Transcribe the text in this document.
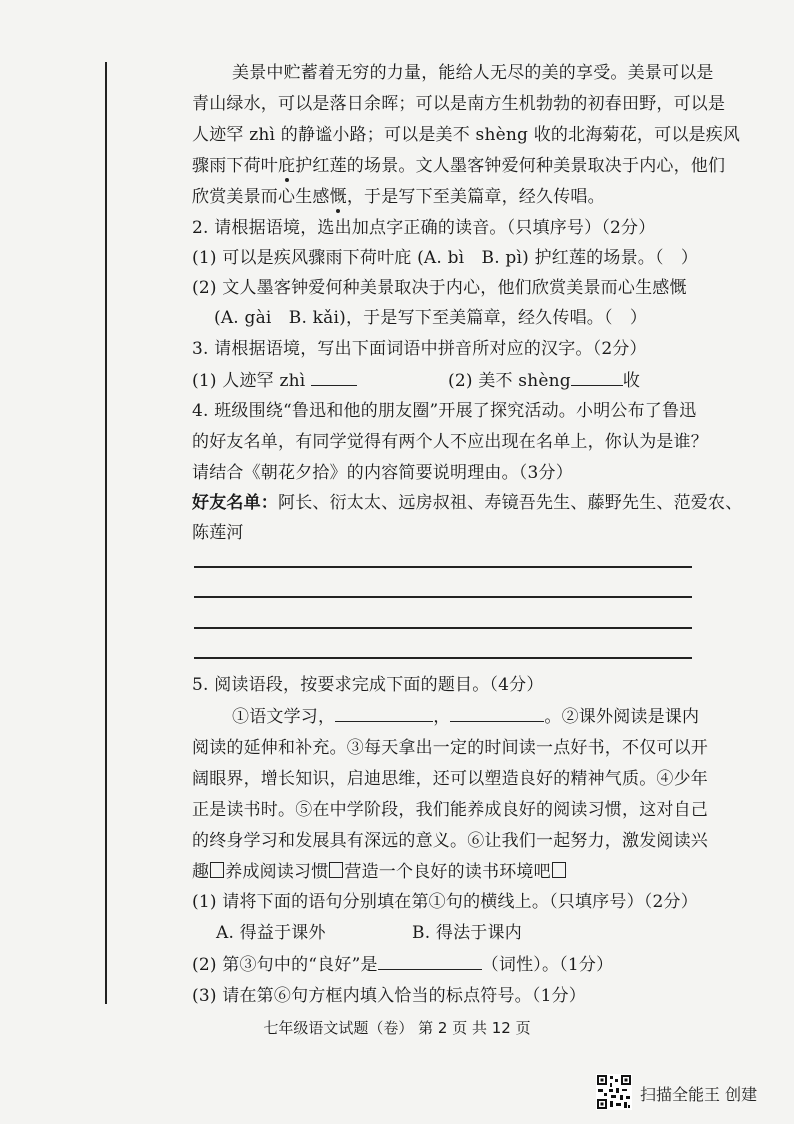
美景中贮蓄着无穷的力量，能给人无尽的美的享受。美景可以是
青山绿水，可以是落日余晖；可以是南方生机勃勃的初春田野，可以是
人迹罕 zhì 的静谧小路；可以是美不 shèng 收的北海菊花，可以是疾风
骤雨下荷叶庇护红莲的场景。文人墨客钟爱何种美景取决于内心，他们
欣赏美景而心生感慨，于是写下至美篇章，经久传唱。
2. 请根据语境，选出加点字正确的读音。（只填序号）（2分）
(1) 可以是疾风骤雨下荷叶庇 (A. bì　B. pì) 护红莲的场景。（　）
(2) 文人墨客钟爱何种美景取决于内心，他们欣赏美景而心生感慨
(A. gài　B. kǎi)，于是写下至美篇章，经久传唱。（　）
3. 请根据语境，写出下面词语中拼音所对应的汉字。（2分）
(1) 人迹罕 zhì	(2) 美不 shèng	收
4. 班级围绕“鲁迅和他的朋友圈”开展了探究活动。小明公布了鲁迅
的好友名单，有同学觉得有两个人不应出现在名单上，你认为是谁？
请结合《朝花夕拾》的内容简要说明理由。（3分）
好友名单：阿长、衍太太、远房叔祖、寿镜吾先生、藤野先生、范爱农、
陈莲河
5. 阅读语段，按要求完成下面的题目。（4分）
①语文学习，	，	。②课外阅读是课内
阅读的延伸和补充。③每天拿出一定的时间读一点好书，不仅可以开
阔眼界，增长知识，启迪思维，还可以塑造良好的精神气质。④少年
正是读书时。⑤在中学阶段，我们能养成良好的阅读习惯，这对自己
的终身学习和发展具有深远的意义。⑥让我们一起努力，激发阅读兴
趣 养成阅读习惯 营造一个良好的读书环境吧
(1) 请将下面的语句分别填在第①句的横线上。（只填序号）（2分）
A. 得益于课外	B. 得法于课内
(2) 第③句中的“良好”是	（词性）。（1分）
(3) 请在第⑥句方框内填入恰当的标点符号。（1分）
七年级语文试题（卷） 第 2 页 共 12 页
扫描全能王 创建
